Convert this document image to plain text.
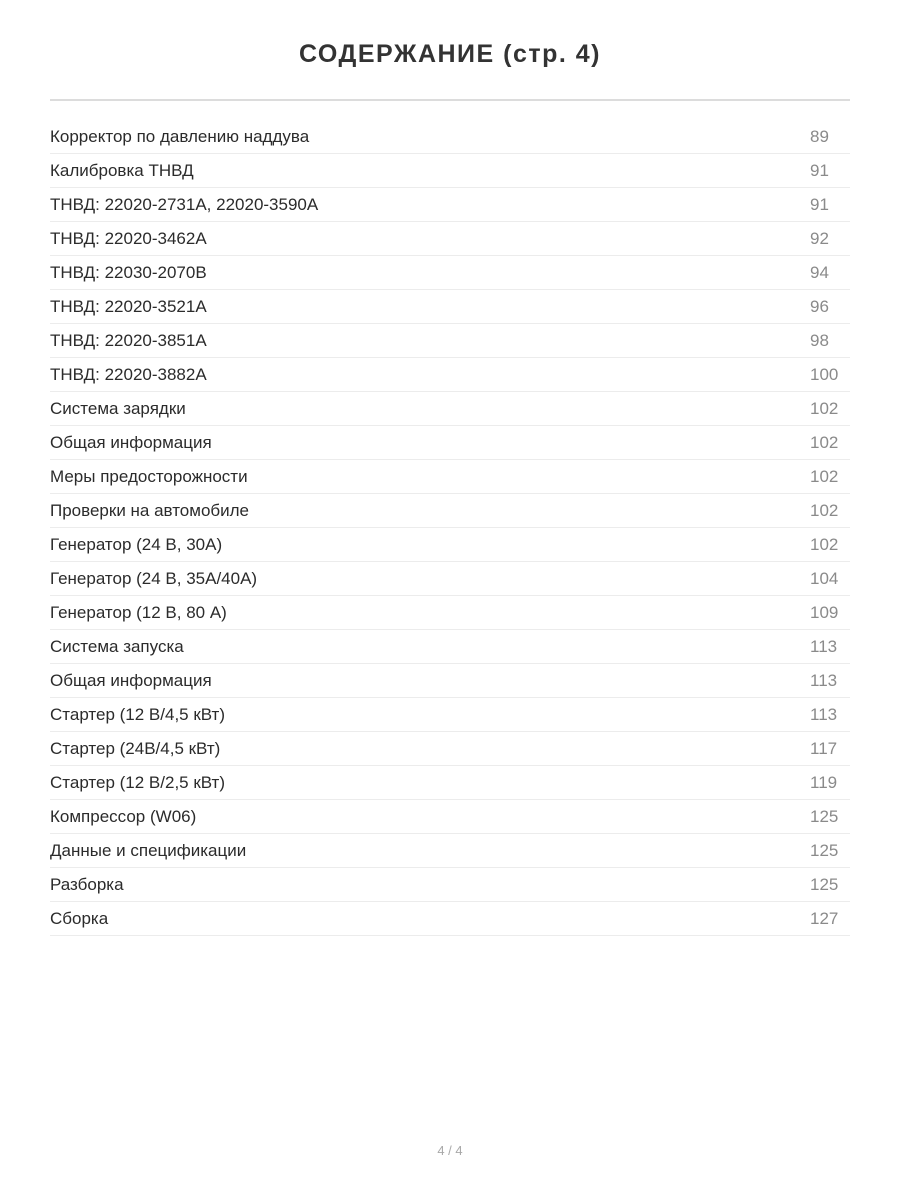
СОДЕРЖАНИЕ (стр. 4)
Корректор по давлению наддува	89
Калибровка ТНВД	91
ТНВД: 22020-2731A, 22020-3590A	91
ТНВД: 22020-3462A	92
ТНВД: 22030-2070B	94
ТНВД: 22020-3521A	96
ТНВД: 22020-3851A	98
ТНВД: 22020-3882A	100
Система зарядки	102
Общая информация	102
Меры предосторожности	102
Проверки на автомобиле	102
Генератор (24 В, 30А)	102
Генератор (24 В, 35А/40А)	104
Генератор (12 В, 80 А)	109
Система запуска	113
Общая информация	113
Стартер (12 В/4,5 кВт)	113
Стартер (24В/4,5 кВт)	117
Стартер (12 В/2,5 кВт)	119
Компрессор (W06)	125
Данные и спецификации	125
Разборка	125
Сборка	127
4 / 4
